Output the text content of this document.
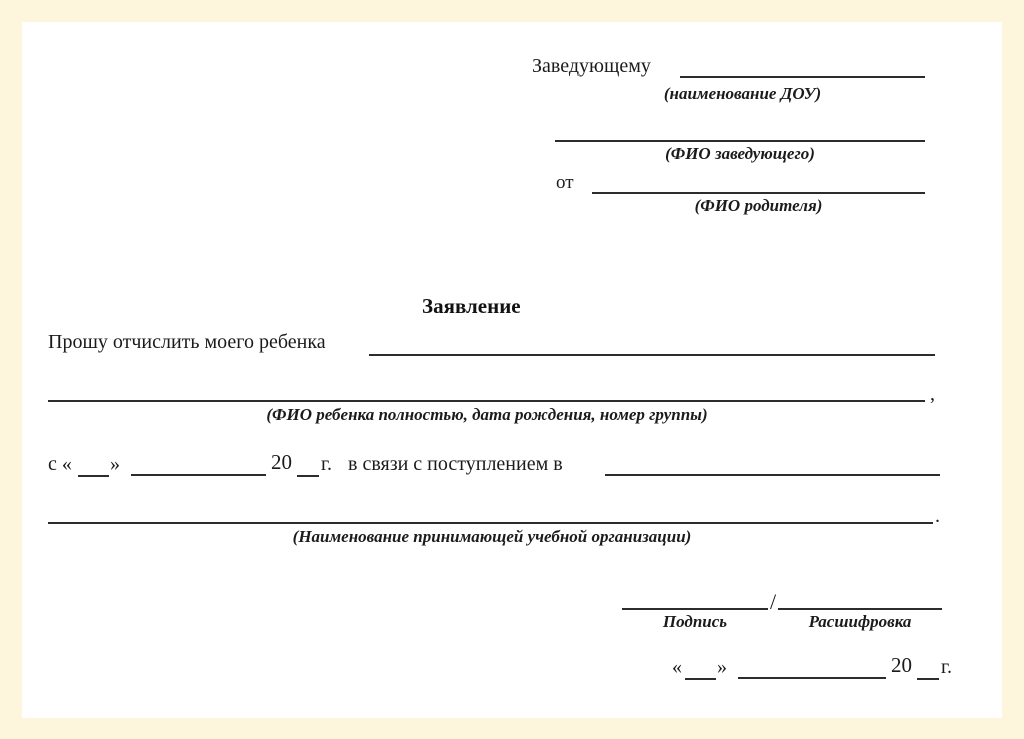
Заведующему
(наименование ДОУ)
(ФИО заведующего)
от
(ФИО родителя)
Заявление
Прошу отчислить моего ребенка
,
(ФИО ребенка полностью, дата рождения, номер группы)
с « »	20 г. в связи с поступлением в
.
(Наименование принимающей учебной организации)
/
Подпись	Расшифровка
« »	20 г.
